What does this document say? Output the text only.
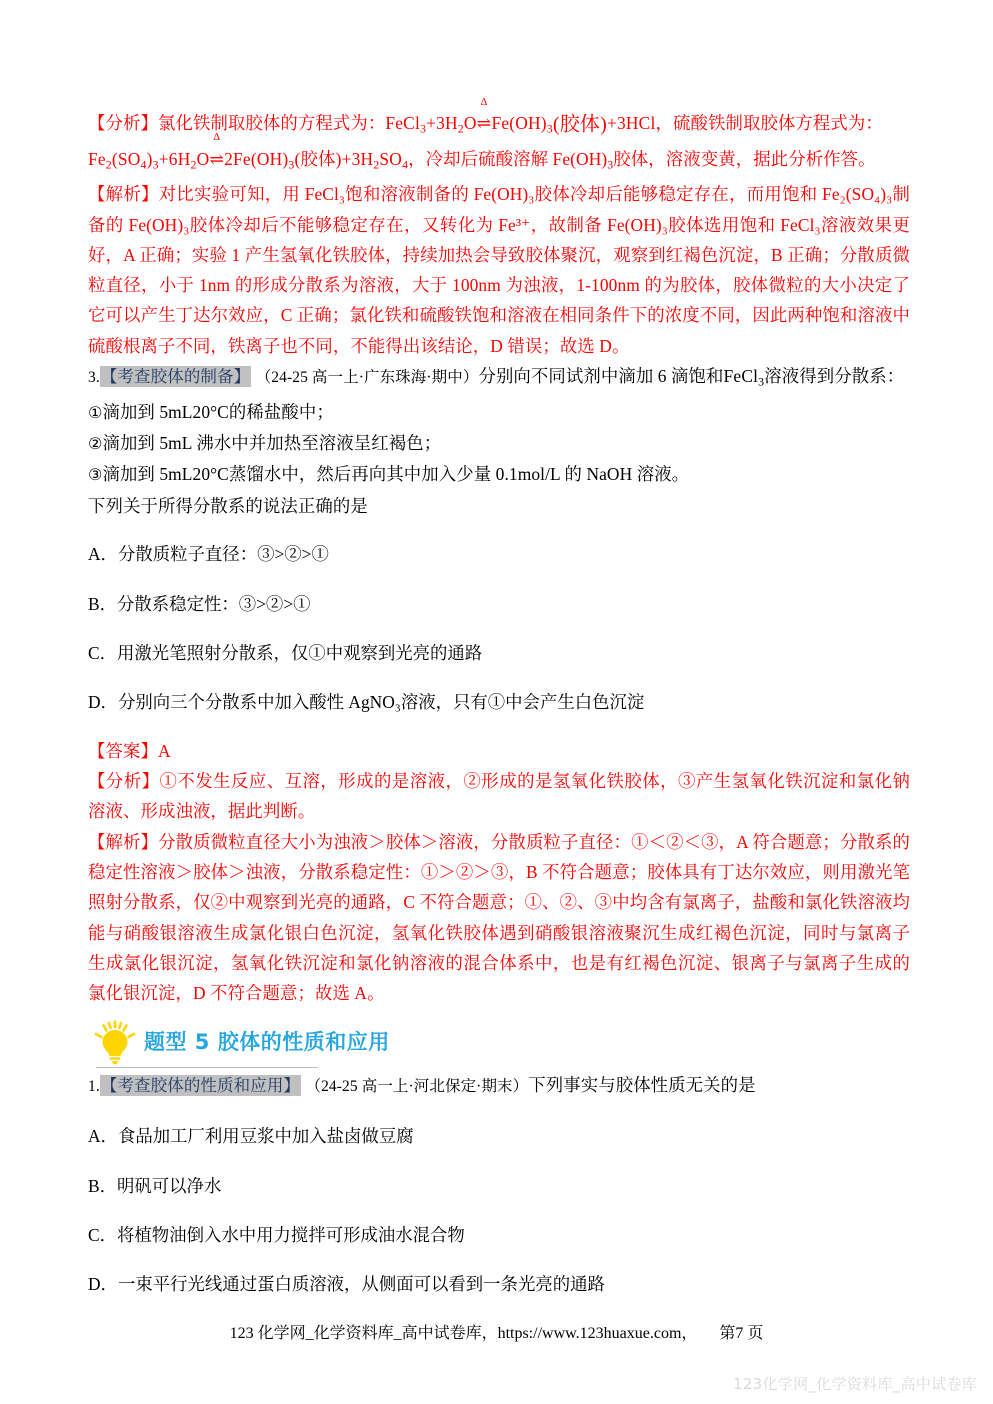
【分析】氯化铁制取胶体的方程式为：$FeCl_3+3H_2O$
Δ
$\rightleftharpoons Fe(OH)_3$(胶体)+3HCl，硫酸铁制取胶体方程式为：

$Fe_2(SO_4)_3+6H_2O$
Δ
$\rightleftharpoons 2Fe(OH)_3$(胶体)$+3H_2SO_4$，冷却后硫酸溶解 $Fe(OH)_3$胶体，溶液变黄，据此分析作答。

【解析】对比实验可知，用 FeCl₃饱和溶液制备的 Fe(OH)₃胶体冷却后能够稳定存在，而用饱和 Fe₂(SO₄)₃制备的 Fe(OH)₃胶体冷却后不能够稳定存在，又转化为 Fe³⁺，故制备 Fe(OH)₃胶体选用饱和 FeCl₃溶液效果更好，A 正确；实验 1 产生氢氧化铁胶体，持续加热会导致胶体聚沉，观察到红褐色沉淀，B 正确；分散质微粒直径，小于 1nm 的形成分散系为溶液，大于 100nm 为浊液，1-100nm 的为胶体，胶体微粒的大小决定了它可以产生丁达尔效应，C 正确；氯化铁和硫酸铁饱和溶液在相同条件下的浓度不同，因此两种饱和溶液中硫酸根离子不同，铁离子也不同，不能得出该结论，D 错误；故选 D。

3.【考查胶体的制备】 （24-25 高一上·广东珠海·期中）分别向不同试剂中滴加 6 滴饱和FeCl$_3$溶液得到分散系：

①滴加到 5mL20°C的稀盐酸中；

②滴加到 5mL 沸水中并加热至溶液呈红褐色；

③滴加到 5mL20°C蒸馏水中，然后再向其中加入少量 0.1mol/L 的 NaOH 溶液。

下列关于所得分散系的说法正确的是

A．分散质粒子直径：③>②>①

B．分散系稳定性：③>②>①

C．用激光笔照射分散系，仅①中观察到光亮的通路

D．分别向三个分散系中加入酸性 AgNO₃溶液，只有①中会产生白色沉淀

【答案】A

【分析】①不发生反应、互溶，形成的是溶液，②形成的是氢氧化铁胶体，③产生氢氧化铁沉淀和氯化钠溶液、形成浊液，据此判断。

【解析】分散质微粒直径大小为浊液＞胶体＞溶液，分散质粒子直径：①＜②＜③，A 符合题意；分散系的稳定性溶液＞胶体＞浊液，分散系稳定性：①＞②＞③，B 不符合题意；胶体具有丁达尔效应，则用激光笔照射分散系，仅②中观察到光亮的通路，C 不符合题意；①、②、③中均含有氯离子，盐酸和氯化铁溶液均能与硝酸银溶液生成氯化银白色沉淀，氢氧化铁胶体遇到硝酸银溶液聚沉生成红褐色沉淀，同时与氯离子生成氯化银沉淀，氢氧化铁沉淀和氯化钠溶液的混合体系中，也是有红褐色沉淀、银离子与氯离子生成的氯化银沉淀，D 不符合题意；故选 A。

题型 5 胶体的性质和应用

1.【考查胶体的性质和应用】 （24-25 高一上·河北保定·期末）下列事实与胶体性质无关的是

A．食品加工厂利用豆浆中加入盐卤做豆腐

B．明矾可以净水

C．将植物油倒入水中用力搅拌可形成油水混合物

D．一束平行光线通过蛋白质溶液，从侧面可以看到一条光亮的通路

123 化学网_化学资料库_高中试卷库，https://www.123huaxue.com， 第7 页
123化学网_化学资料库_高中试卷库
